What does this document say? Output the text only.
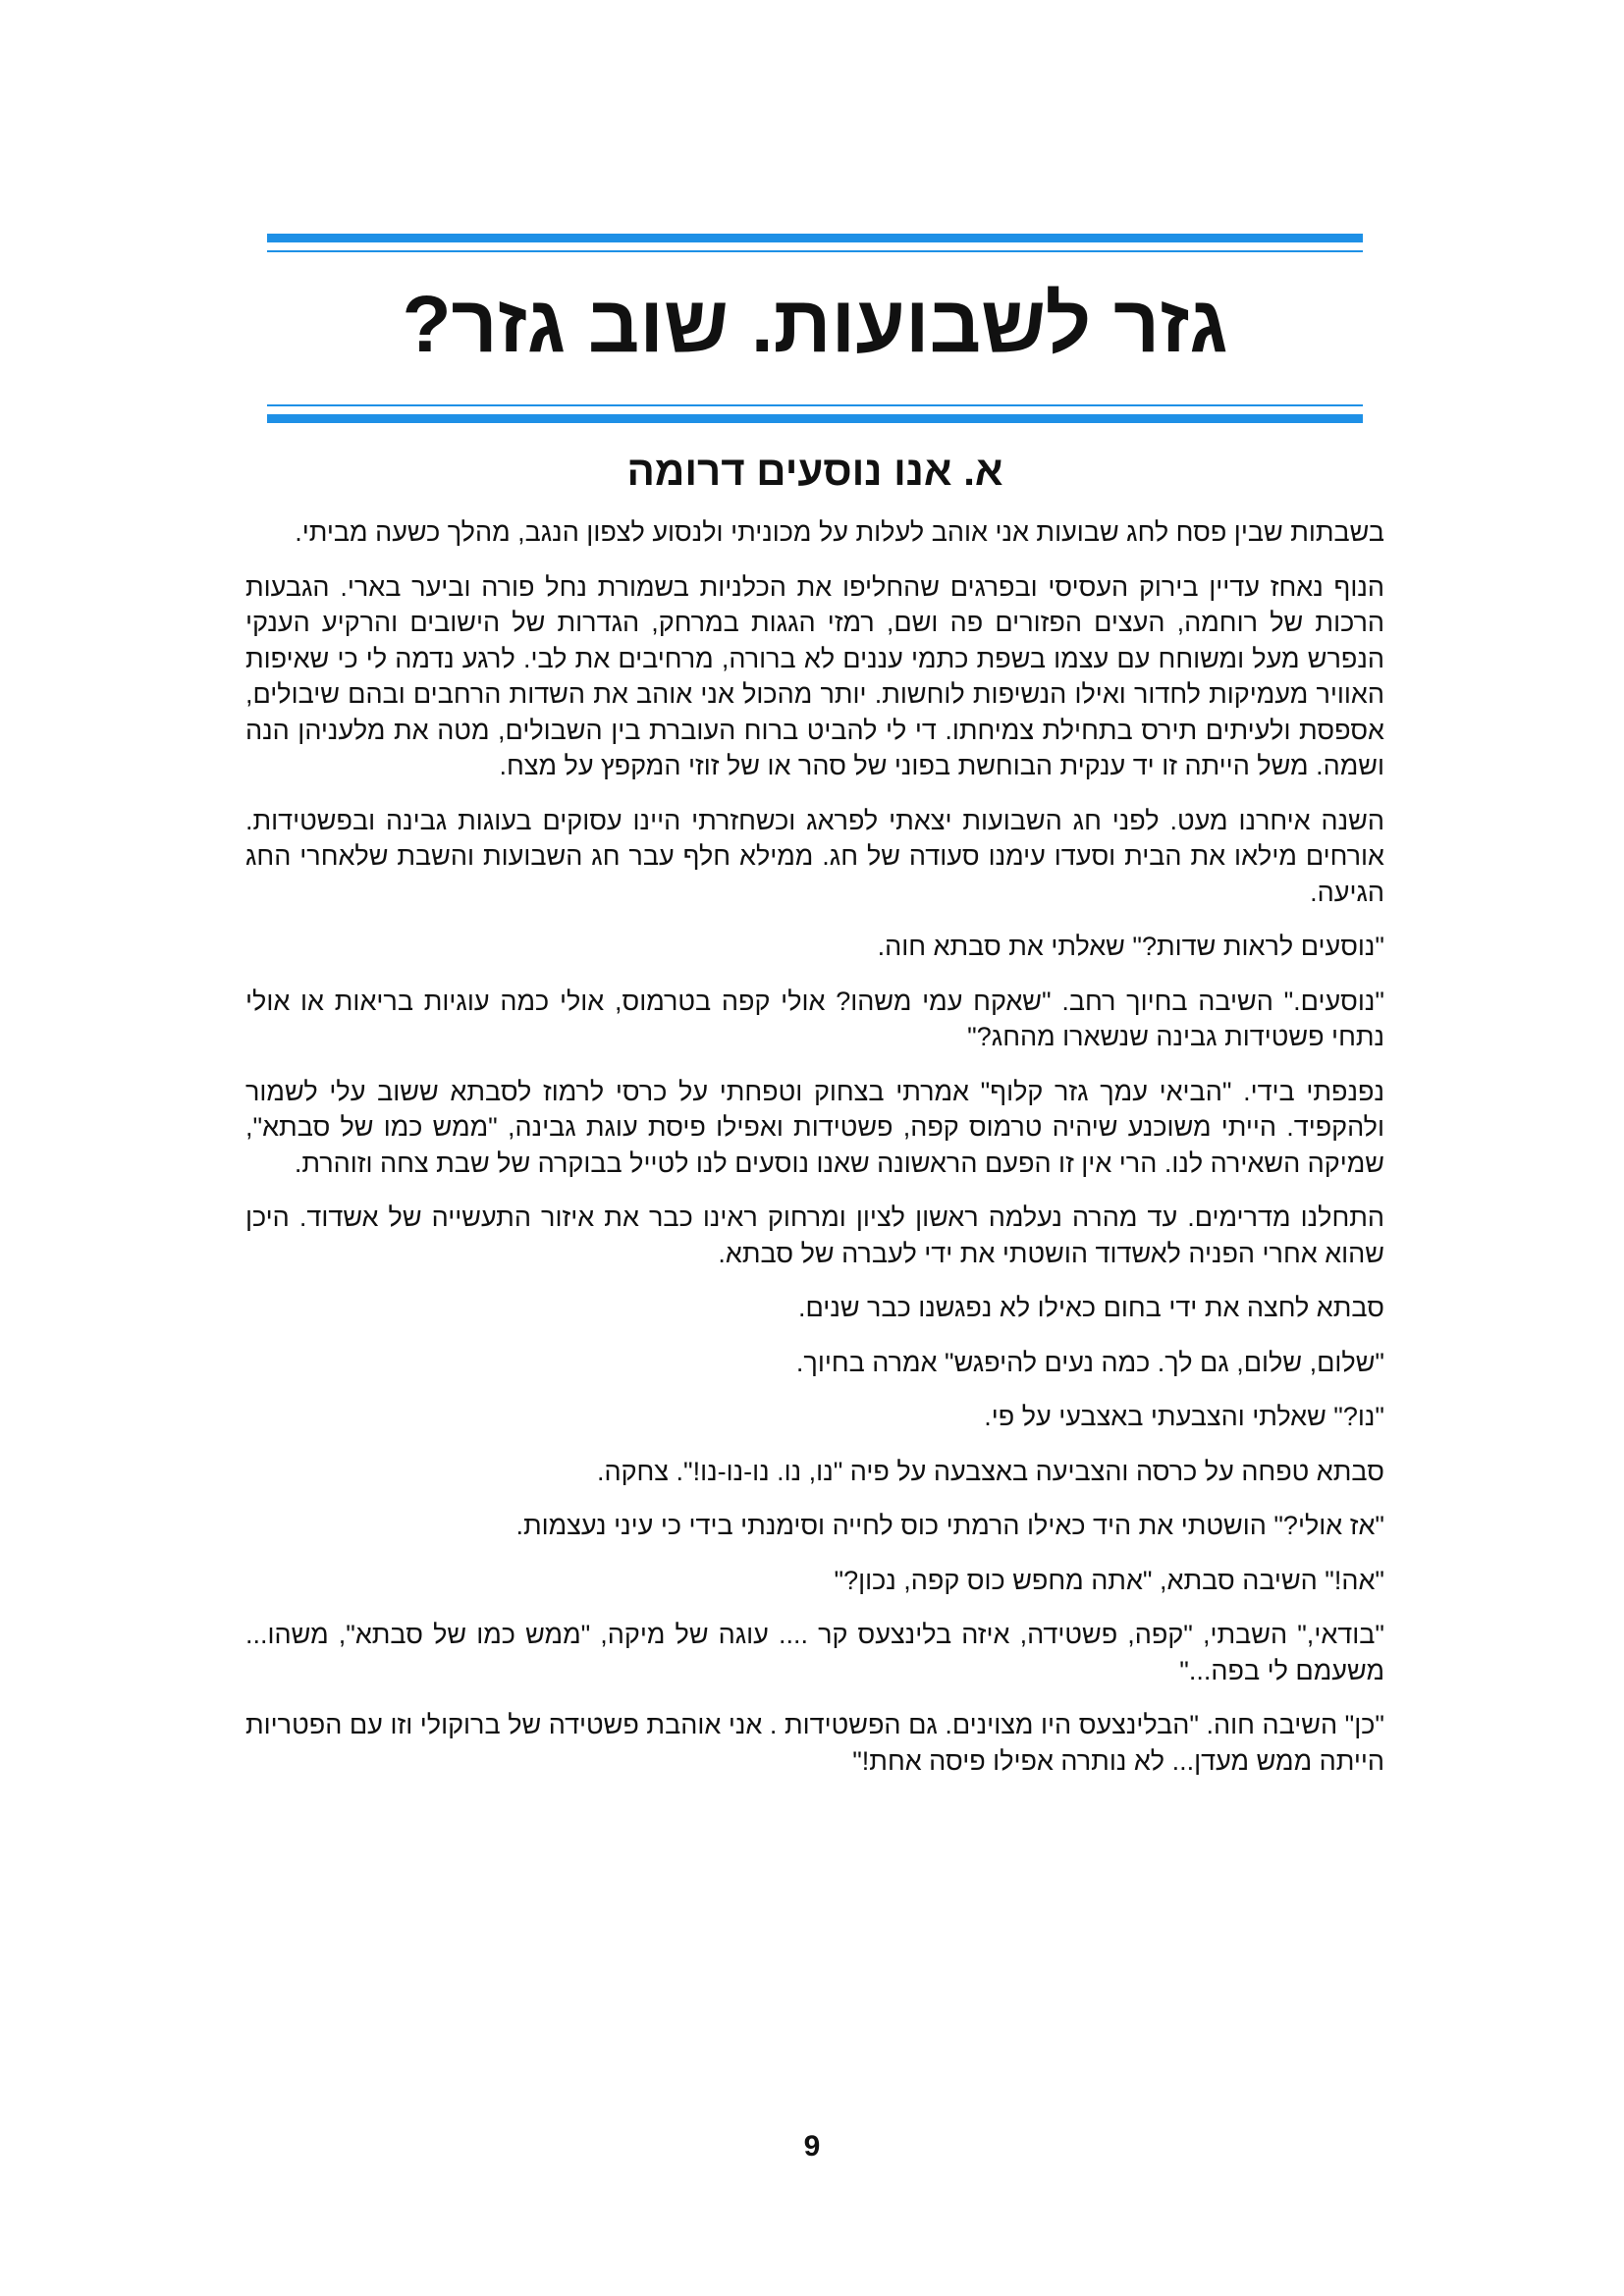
גזר לשבועות. שוב גזר?
א. אנו נוסעים דרומה

בשבתות שבין פסח לחג שבועות אני אוהב לעלות על מכוניתי ולנסוע לצפון הנגב, מהלך כשעה מביתי.

הנוף נאחז עדיין בירוק העסיסי ובפרגים שהחליפו את הכלניות בשמורת נחל פורה וביער בארי. הגבעות הרכות של רוחמה, העצים הפזורים פה ושם, רמזי הגגות במרחק, הגדרות של הישובים והרקיע הענקי הנפרש מעל ומשוחח עם עצמו בשפת כתמי עננים לא ברורה, מרחיבים את לבי. לרגע נדמה לי כי שאיפות האוויר מעמיקות לחדור ואילו הנשיפות לוחשות. יותר מהכול אני אוהב את השדות הרחבים ובהם שיבולים, אספסת ולעיתים תירס בתחילת צמיחתו. די לי להביט ברוח העוברת בין השבולים, מטה את מלעניהן הנה ושמה. משל הייתה זו יד ענקית הבוחשת בפוני של סהר או של זוזי המקפץ על מצח.

השנה איחרנו מעט. לפני חג השבועות יצאתי לפראג וכשחזרתי היינו עסוקים בעוגות גבינה ובפשטידות. אורחים מילאו את הבית וסעדו עימנו סעודה של חג. ממילא חלף עבר חג השבועות והשבת שלאחרי החג הגיעה.

"נוסעים לראות שדות?" שאלתי את סבתא חוה.

"נוסעים." השיבה בחיוך רחב. "שאקח עמי משהו? אולי קפה בטרמוס, אולי כמה עוגיות בריאות או אולי נתחי פשטידות גבינה שנשארו מהחג?"

נפנפתי בידי. "הביאי עמך גזר קלוף" אמרתי בצחוק וטפחתי על כרסי לרמוז לסבתא ששוב עלי לשמור ולהקפיד. הייתי משוכנע שיהיה טרמוס קפה, פשטידות ואפילו פיסת עוגת גבינה, "ממש כמו של סבתא", שמיקה השאירה לנו. הרי אין זו הפעם הראשונה שאנו נוסעים לנו לטייל בבוקרה של שבת צחה וזוהרת.

התחלנו מדרימים. עד מהרה נעלמה ראשון לציון ומרחוק ראינו כבר את איזור התעשייה של אשדוד. היכן שהוא אחרי הפניה לאשדוד הושטתי את ידי לעברה של סבתא.

סבתא לחצה את ידי בחום כאילו לא נפגשנו כבר שנים.

"שלום, שלום, גם לך. כמה נעים להיפגש" אמרה בחיוך.

"נו?" שאלתי והצבעתי באצבעי על פי.

סבתא טפחה על כרסה והצביעה באצבעה על פיה "נו, נו. נו-נו-נו!". צחקה.

"אז אולי?" הושטתי את היד כאילו הרמתי כוס לחייה וסימנתי בידי כי עיני נעצמות.

"אה!" השיבה סבתא, "אתה מחפש כוס קפה, נכון?"

"בודאי," השבתי, "קפה, פשטידה, איזה בלינצעס קר .... עוגה של מיקה, "ממש כמו של סבתא", משהו... משעמם לי בפה..."

"כן" השיבה חוה. "הבלינצעס היו מצוינים. גם הפשטידות . אני אוהבת פשטידה של ברוקולי וזו עם הפטריות הייתה ממש מעדן... לא נותרה אפילו פיסה אחת!"

9
